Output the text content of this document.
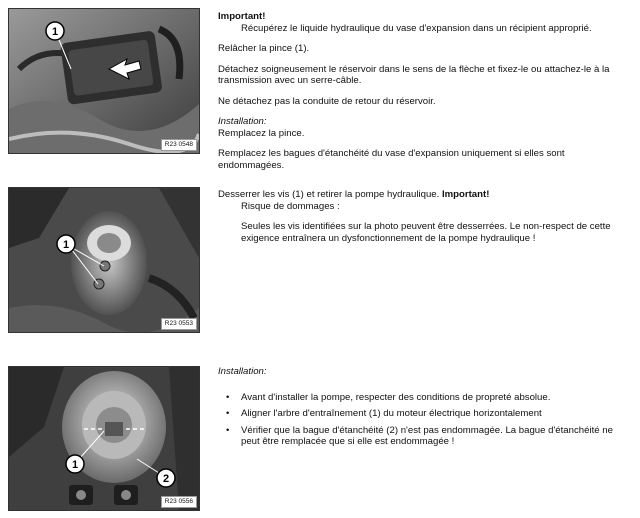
1
R23 0548

Important!

Récupérez le liquide hydraulique du vase d'expansion dans un récipient approprié.

Relâcher la pince (1).

Détachez soigneusement le réservoir dans le sens de la flèche et fixez-le ou attachez-le à la transmission avec un serre-câble.

Ne détachez pas la conduite de retour du réservoir.

Installation:

Remplacez la pince.

Remplacez les bagues d'étanchéité du vase d'expansion uniquement si elles sont endommagées.

1
R23 0553

Desserrer les vis (1) et retirer la pompe hydraulique. Important!

Risque de dommages :

Seules les vis identifiées sur la photo peuvent être desserrées. Le non-respect de cette exigence entraînera un dysfonctionnement de la pompe hydraulique !

1
2
R23 0556

Installation:

• Avant d'installer la pompe, respecter des conditions de propreté absolue.
• Aligner l'arbre d'entraînement (1) du moteur électrique horizontalement
• Vérifier que la bague d'étanchéité (2) n'est pas endommagée. La bague d'étanchéité ne peut être remplacée que si elle est endommagée !
